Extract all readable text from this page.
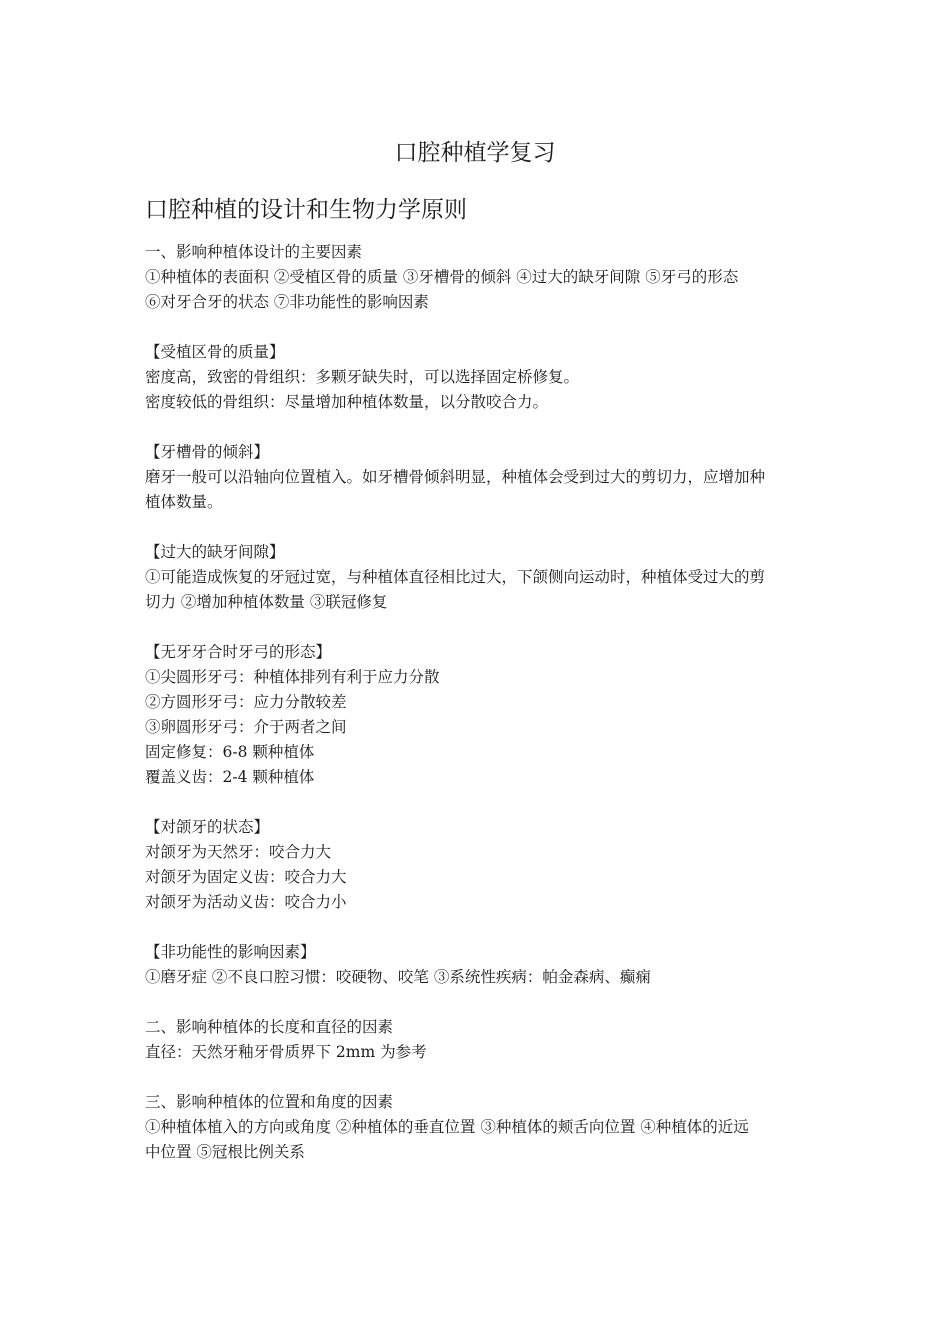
口腔种植学复习
口腔种植的设计和生物力学原则
一、影响种植体设计的主要因素
①种植体的表面积 ②受植区骨的质量 ③牙槽骨的倾斜 ④过大的缺牙间隙 ⑤牙弓的形态
⑥对牙合牙的状态 ⑦非功能性的影响因素
【受植区骨的质量】
密度高，致密的骨组织：多颗牙缺失时，可以选择固定桥修复。
密度较低的骨组织：尽量增加种植体数量，以分散咬合力。
【牙槽骨的倾斜】
磨牙一般可以沿轴向位置植入。如牙槽骨倾斜明显，种植体会受到过大的剪切力，应增加种
植体数量。
【过大的缺牙间隙】
①可能造成恢复的牙冠过宽，与种植体直径相比过大，下颌侧向运动时，种植体受过大的剪
切力 ②增加种植体数量 ③联冠修复
【无牙牙合时牙弓的形态】
①尖圆形牙弓：种植体排列有利于应力分散
②方圆形牙弓：应力分散较差
③卵圆形牙弓：介于两者之间
固定修复：6-8 颗种植体
覆盖义齿：2-4 颗种植体
【对颌牙的状态】
对颌牙为天然牙：咬合力大
对颌牙为固定义齿：咬合力大
对颌牙为活动义齿：咬合力小
【非功能性的影响因素】
①磨牙症 ②不良口腔习惯：咬硬物、咬笔 ③系统性疾病：帕金森病、癫痫
二、影响种植体的长度和直径的因素
直径：天然牙釉牙骨质界下 2mm 为参考
三、影响种植体的位置和角度的因素
①种植体植入的方向或角度 ②种植体的垂直位置 ③种植体的颊舌向位置 ④种植体的近远
中位置 ⑤冠根比例关系
